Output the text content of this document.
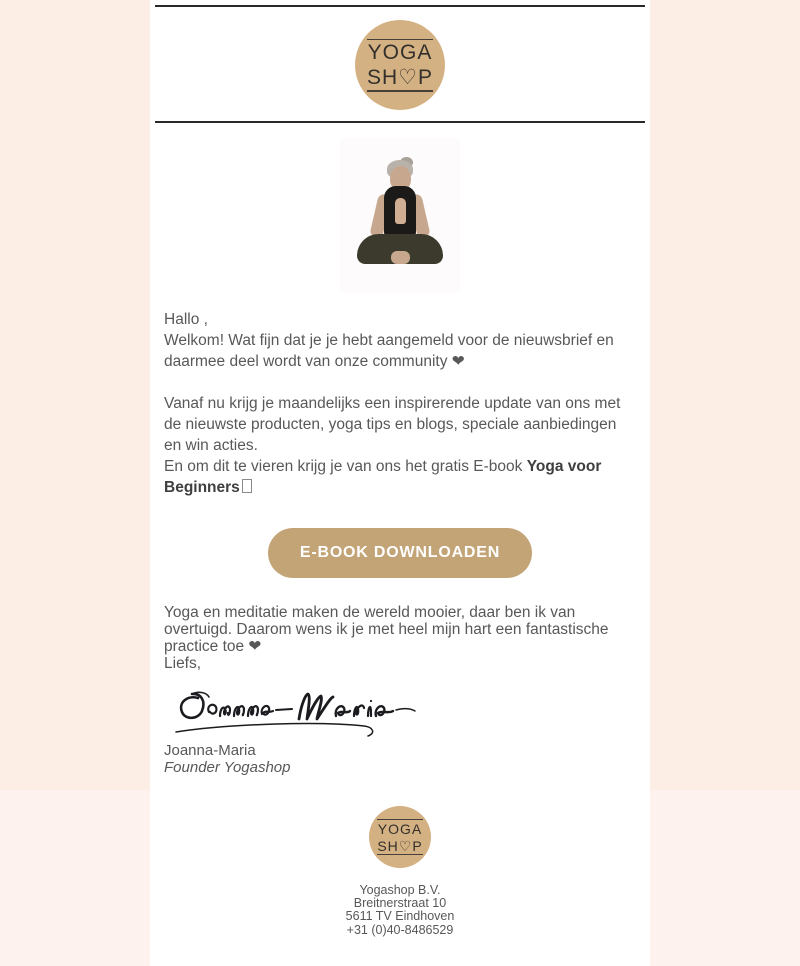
YOGA
SH ♡ P

Hallo ,

Welkom! Wat fijn dat je je hebt aangemeld voor de nieuwsbrief en daarmee deel wordt van onze community ❤

Vanaf nu krijg je maandelijks een inspirerende update van ons met de nieuwste producten, yoga tips en blogs, speciale aanbiedingen en win acties.

En om dit te vieren krijg je van ons het gratis E-book Yoga voor Beginners

E-BOOK DOWNLOADEN

Yoga en meditatie maken de wereld mooier, daar ben ik van overtuigd. Daarom wens ik je met heel mijn hart een fantastische practice toe ❤

Liefs,

Joanna-Maria

Founder Yogashop

YOGA
SH ♡ P

Yogashop B.V.

Breitnerstraat 10

5611 TV Eindhoven

+31 (0)40-8486529
